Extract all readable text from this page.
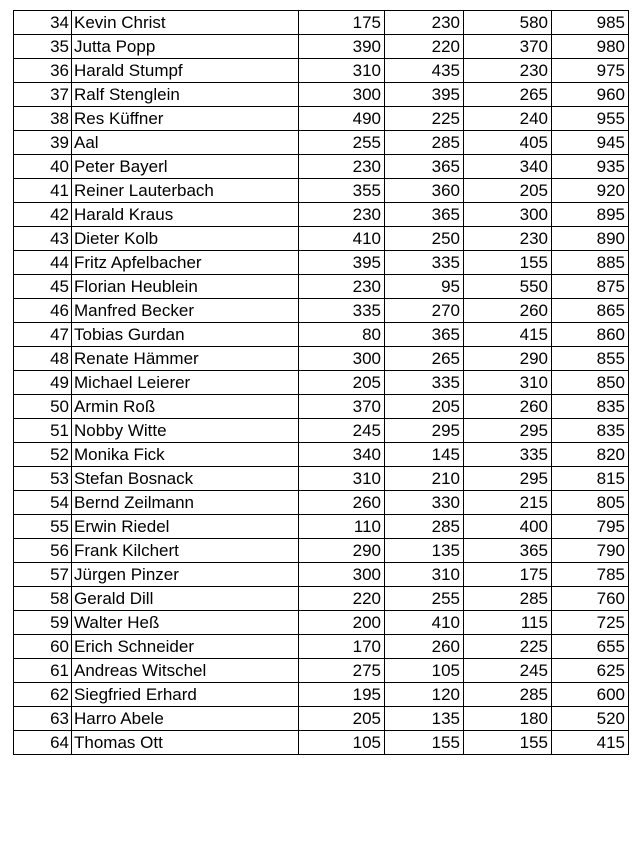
34	Kevin Christ	175	230	580	985
35	Jutta Popp	390	220	370	980
36	Harald Stumpf	310	435	230	975
37	Ralf Stenglein	300	395	265	960
38	Res Küffner	490	225	240	955
39	Aal	255	285	405	945
40	Peter Bayerl	230	365	340	935
41	Reiner Lauterbach	355	360	205	920
42	Harald Kraus	230	365	300	895
43	Dieter Kolb	410	250	230	890
44	Fritz Apfelbacher	395	335	155	885
45	Florian Heublein	230	95	550	875
46	Manfred Becker	335	270	260	865
47	Tobias Gurdan	80	365	415	860
48	Renate Hämmer	300	265	290	855
49	Michael Leierer	205	335	310	850
50	Armin Roß	370	205	260	835
51	Nobby Witte	245	295	295	835
52	Monika Fick	340	145	335	820
53	Stefan Bosnack	310	210	295	815
54	Bernd Zeilmann	260	330	215	805
55	Erwin Riedel	110	285	400	795
56	Frank Kilchert	290	135	365	790
57	Jürgen Pinzer	300	310	175	785
58	Gerald Dill	220	255	285	760
59	Walter Heß	200	410	115	725
60	Erich Schneider	170	260	225	655
61	Andreas Witschel	275	105	245	625
62	Siegfried Erhard	195	120	285	600
63	Harro Abele	205	135	180	520
64	Thomas Ott	105	155	155	415
